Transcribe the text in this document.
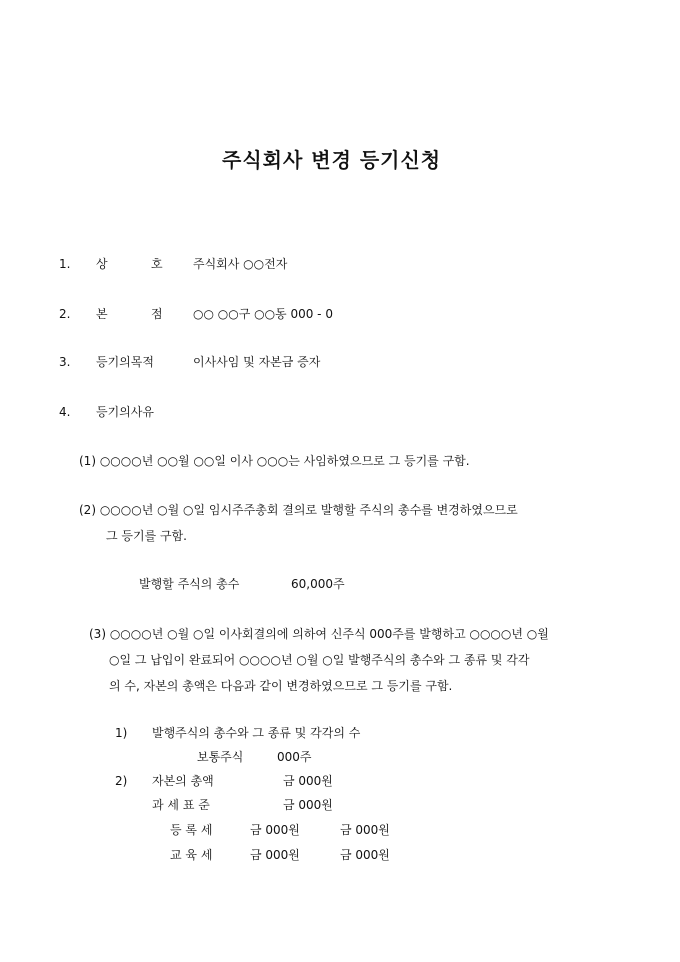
주식회사 변경 등기신청
1. 상	호	주식회사 ○○전자
2. 본	점	○○ ○○구 ○○동 000 - 0
3. 등기의목적	이사사임 및 자본금 증자
4. 등기의사유
(1) ○○○○년 ○○월 ○○일 이사 ○○○는 사임하였으므로 그 등기를 구함.
(2) ○○○○년 ○월 ○일 임시주주총회 결의로 발행할 주식의 총수를 변경하였으므로
그 등기를 구함.
발행할 주식의 총수	60,000주
(3) ○○○○년 ○월 ○일 이사회결의에 의하여 신주식 000주를 발행하고 ○○○○년 ○월
○일 그 납입이 완료되어 ○○○○년 ○월 ○일 발행주식의 총수와 그 종류 및 각각
의 수, 자본의 총액은 다음과 같이 변경하였으므로 그 등기를 구함.
1) 발행주식의 총수와 그 종류 및 각각의 수
보통주식	000주
2) 자본의 총액	금 000원
과 세 표 준	금 000원
등 록 세	금 000원	금 000원
교 육 세	금 000원	금 000원
